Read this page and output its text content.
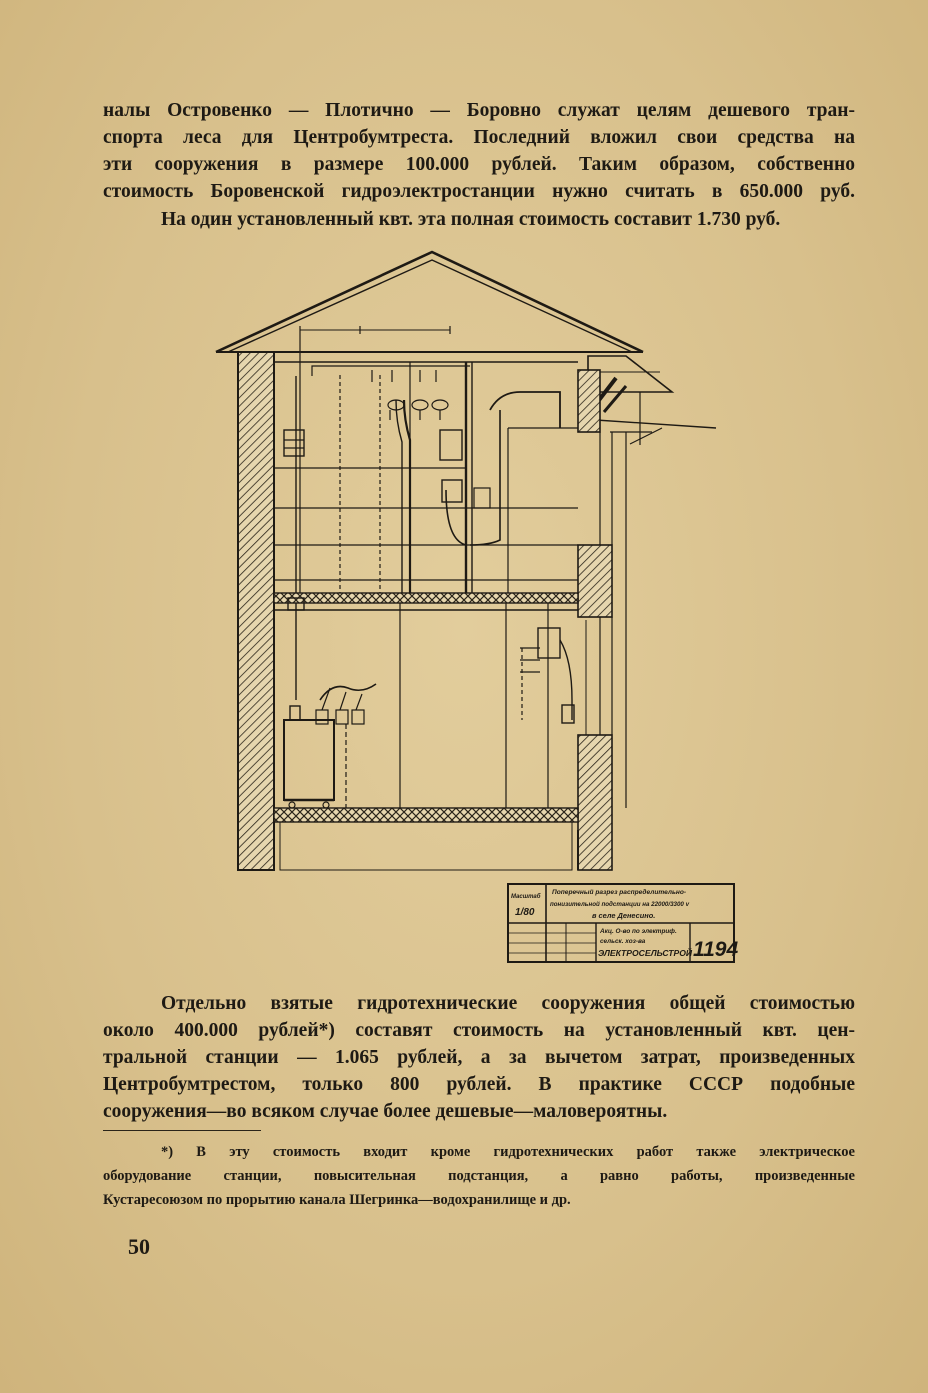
налы Островенко — Плотично — Боровно служат целям дешевого тран-
спорта леса для Центробумтреста. Последний вложил свои средства на
эти сооружения в размере 100.000 рублей. Таким образом, собственно
стоимость Боровенской гидроэлектростанции нужно считать в 650.000 руб.

На один установленный квт. эта полная стоимость составит 1.730 руб.

Масштаб
1/80
Поперечный разрез распределительно-
понизительной подстанции на 22000/3300 v
в селе Денесино.
Акц. О-во по электриф.
сельск. хоз-ва
ЭЛЕКТРОСЕЛЬСТРОЙ 1194

Отдельно взятые гидротехнические сооружения общей стоимостью
около 400.000 рублей*) составят стоимость на установленный квт. цен-
тральной станции — 1.065 рублей, а за вычетом затрат, произведенных
Центробумтрестом, только 800 рублей. В практике СССР подобные
сооружения—во всяком случае более дешевые—маловероятны.

*) В эту стоимость входит кроме гидротехнических работ также электрическое
оборудование станции, повысительная подстанция, а равно работы, произведенные
Кустаресоюзом по прорытию канала Шегринка—водохранилище и др.

50
